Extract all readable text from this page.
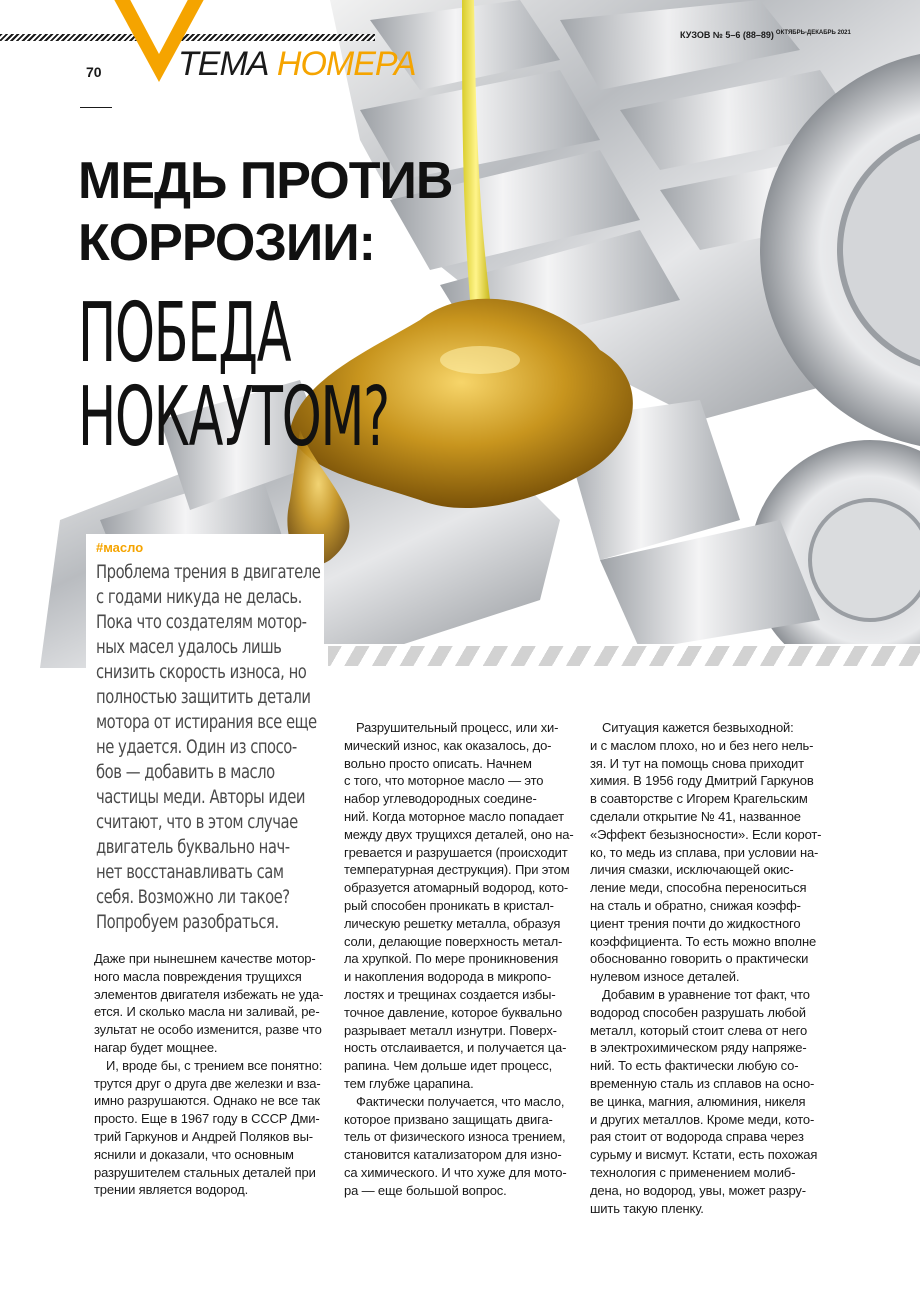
ТЕМА НОМЕРА
70
КУЗОВ № 5–6 (88–89) $^{ОКТЯБРЬ-ДЕКАБРЬ 2021}$
МЕДЬ ПРОТИВ
КОРРОЗИИ:
ПОБЕДА
НОКАУТОМ?
#масло
Проблема трения в двигателе
с годами никуда не делась.
Пока что создателям мотор-
ных масел удалось лишь
снизить скорость износа, но
полностью защитить детали
мотора от истирания все еще
не удается. Один из спосо-
бов — добавить в масло
частицы меди. Авторы идеи
считают, что в этом случае
двигатель буквально нач-
нет восстанавливать сам
себя. Возможно ли такое?
Попробуем разобраться.
Даже при нынешнем качестве мотор-
ного масла повреждения трущихся
элементов двигателя избежать не уда-
ется. И сколько масла ни заливай, ре-
зультат не особо изменится, разве что
нагар будет мощнее.
И, вроде бы, с трением все понятно:
трутся друг о друга две железки и вза-
имно разрушаются. Однако не все так
просто. Еще в 1967 году в СССР Дми-
трий Гаркунов и Андрей Поляков вы-
яснили и доказали, что основным
разрушителем стальных деталей при
трении является водород.
Разрушительный процесс, или хи-
мический износ, как оказалось, до-
вольно просто описать. Начнем
с того, что моторное масло — это
набор углеводородных соедине-
ний. Когда моторное масло попадает
между двух трущихся деталей, оно на-
гревается и разрушается (происходит
температурная деструкция). При этом
образуется атомарный водород, кото-
рый способен проникать в кристал-
лическую решетку металла, образуя
соли, делающие поверхность метал-
ла хрупкой. По мере проникновения
и накопления водорода в микропо-
лостях и трещинах создается избы-
точное давление, которое буквально
разрывает металл изнутри. Поверх-
ность отслаивается, и получается ца-
рапина. Чем дольше идет процесс,
тем глубже царапина.
Фактически получается, что масло,
которое призвано защищать двига-
тель от физического износа трением,
становится катализатором для изно-
са химического. И что хуже для мото-
ра — еще большой вопрос.
Ситуация кажется безвыходной:
и с маслом плохо, но и без него нель-
зя. И тут на помощь снова приходит
химия. В 1956 году Дмитрий Гаркунов
в соавторстве с Игорем Крагельским
сделали открытие № 41, названное
«Эффект безызносности». Если корот-
ко, то медь из сплава, при условии на-
личия смазки, исключающей окис-
ление меди, способна переноситься
на сталь и обратно, снижая коэфф-
циент трения почти до жидкостного
коэффициента. То есть можно вполне
обоснованно говорить о практически
нулевом износе деталей.
Добавим в уравнение тот факт, что
водород способен разрушать любой
металл, который стоит слева от него
в электрохимическом ряду напряже-
ний. То есть фактически любую со-
временную сталь из сплавов на осно-
ве цинка, магния, алюминия, никеля
и других металлов. Кроме меди, кото-
рая стоит от водорода справа через
сурьму и висмут. Кстати, есть похожая
технология с применением молиб-
дена, но водород, увы, может разру-
шить такую пленку.
